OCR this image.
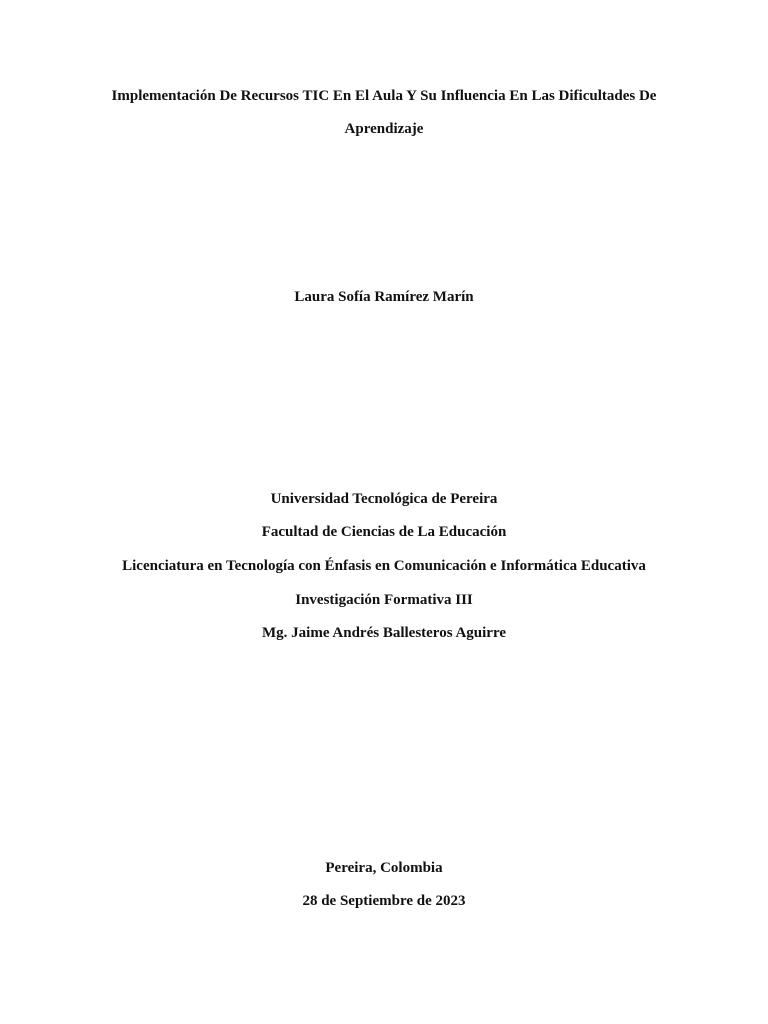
Implementación De Recursos TIC En El Aula Y Su Influencia En Las Dificultades De
Aprendizaje
Laura Sofía Ramírez Marín
Universidad Tecnológica de Pereira
Facultad de Ciencias de La Educación
Licenciatura en Tecnología con Énfasis en Comunicación e Informática Educativa
Investigación Formativa III
Mg. Jaime Andrés Ballesteros Aguirre
Pereira, Colombia
28 de Septiembre de 2023
